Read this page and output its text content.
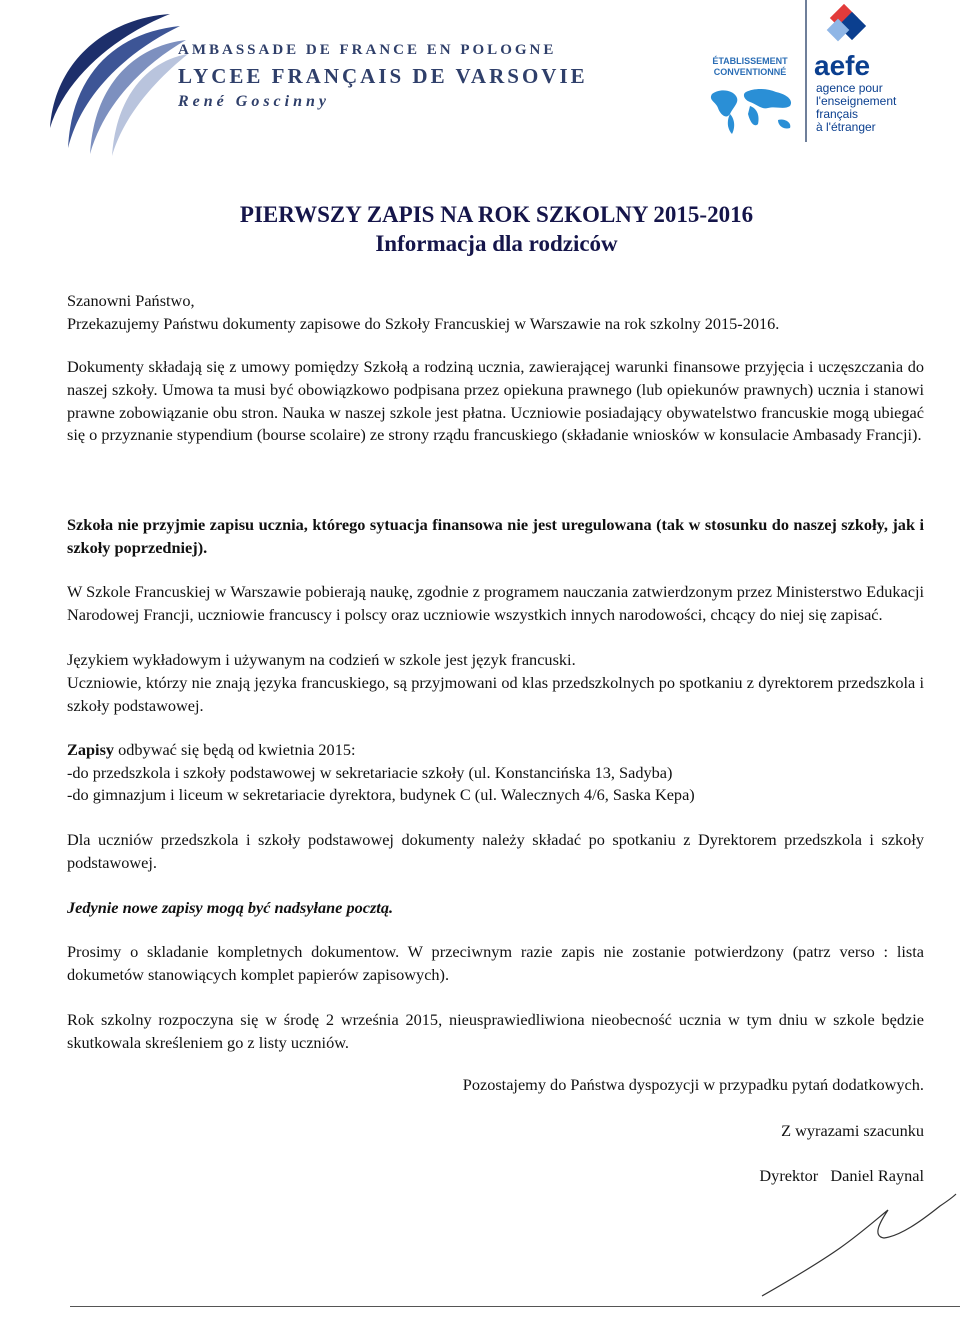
AMBASSADE DE FRANCE EN POLOGNE
LYCEE FRANÇAIS DE VARSOVIE
René Goscinny
ÉTABLISSEMENT
CONVENTIONNÉ aefe
agence pour
l'enseignement
français
à l'étranger
PIERWSZY ZAPIS NA ROK SZKOLNY 2015-2016
Informacja dla rodziców
Szanowni Państwo,
Przekazujemy Państwu dokumenty zapisowe do Szkoły Francuskiej w Warszawie na rok szkolny 2015-2016.
Dokumenty składają się z umowy pomiędzy Szkołą a rodziną ucznia, zawierającej warunki finansowe przyjęcia i uczęszczania do naszej szkoły. Umowa ta musi być obowiązkowo podpisana przez opiekuna prawnego (lub opiekunów prawnych) ucznia i stanowi prawne zobowiązanie obu stron. Nauka w naszej szkole jest płatna. Uczniowie posiadający obywatelstwo francuskie mogą ubiegać się o przyznanie stypendium (bourse scolaire) ze strony rządu francuskiego (składanie wniosków w konsulacie Ambasady Francji).
Szkoła nie przyjmie zapisu ucznia, którego sytuacja finansowa nie jest uregulowana (tak w stosunku do naszej szkoły, jak i szkoły poprzedniej).
W Szkole Francuskiej w Warszawie pobierają naukę, zgodnie z programem nauczania zatwierdzonym przez Ministerstwo Edukacji Narodowej Francji, uczniowie francuscy i polscy oraz uczniowie wszystkich innych narodowości, chcący do niej się zapisać.
Językiem wykładowym i używanym na codzień w szkole jest język francuski.
Uczniowie, którzy nie znają języka francuskiego, są przyjmowani od klas przedszkolnych po spotkaniu z dyrektorem przedszkola i szkoły podstawowej.
Zapisy odbywać się będą od kwietnia 2015:
-do przedszkola i szkoły podstawowej w sekretariacie szkoły (ul. Konstancińska 13, Sadyba)
-do gimnazjum i liceum w sekretariacie dyrektora, budynek C (ul. Walecznych 4/6, Saska Kepa)
Dla uczniów przedszkola i szkoły podstawowej dokumenty należy składać po spotkaniu z Dyrektorem przedszkola i szkoły podstawowej.
Jedynie nowe zapisy mogą być nadsyłane pocztą.
Prosimy o skladanie kompletnych dokumentow. W przeciwnym razie zapis nie zostanie potwierdzony (patrz verso : lista dokumetów stanowiących komplet papierów zapisowych).
Rok szkolny rozpoczyna się w środę 2 września 2015, nieusprawiedliwiona nieobecność ucznia w tym dniu w szkole będzie skutkowala skreśleniem go z listy uczniów.
Pozostajemy do Państwa dyspozycji w przypadku pytań dodatkowych.
Z wyrazami szacunku
Dyrektor   Daniel Raynal
